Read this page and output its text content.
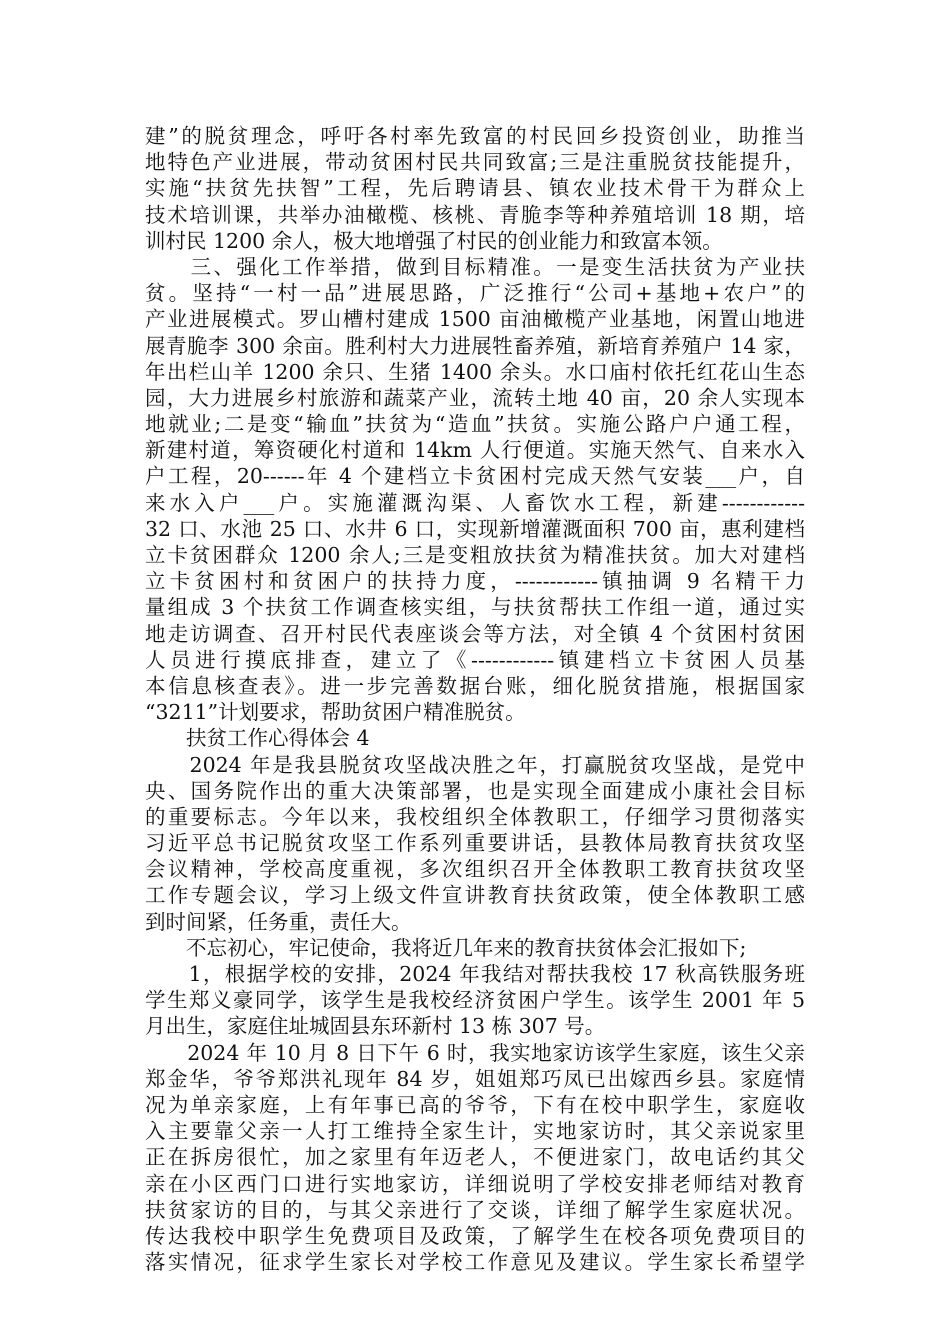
建”的脱贫理念，呼吁各村率先致富的村民回乡投资创业，助推当
地特色产业进展，带动贫困村民共同致富;三是注重脱贫技能提升，
实施“扶贫先扶智”工程，先后聘请县、镇农业技术骨干为群众上
技术培训课，共举办油橄榄、核桃、青脆李等种养殖培训 18 期，培
训村民 1200 余人，极大地增强了村民的创业能力和致富本领。
　　三、强化工作举措，做到目标精准。一是变生活扶贫为产业扶
贫。坚持“一村一品”进展思路，广泛推行“公司+基地+农户”的
产业进展模式。罗山槽村建成 1500 亩油橄榄产业基地，闲置山地进
展青脆李 300 余亩。胜利村大力进展牲畜养殖，新培育养殖户 14 家，
年出栏山羊 1200 余只、生猪 1400 余头。水口庙村依托红花山生态
园，大力进展乡村旅游和蔬菜产业，流转土地 40 亩，20 余人实现本
地就业;二是变“输血”扶贫为“造血”扶贫。实施公路户户通工程，
新建村道，筹资硬化村道和 14km 人行便道。实施天然气、自来水入
户工程，20------年 4 个建档立卡贫困村完成天然气安装___户，自
来水入户___户。实施灌溉沟渠、人畜饮水工程，新建------------
32 口、水池 25 口、水井 6 口，实现新增灌溉面积 700 亩，惠利建档
立卡贫困群众 1200 余人;三是变粗放扶贫为精准扶贫。加大对建档
立卡贫困村和贫困户的扶持力度，------------镇抽调 9 名精干力
量组成 3 个扶贫工作调查核实组，与扶贫帮扶工作组一道，通过实
地走访调查、召开村民代表座谈会等方法，对全镇 4 个贫困村贫困
人员进行摸底排查，建立了《------------镇建档立卡贫困人员基
本信息核查表》。进一步完善数据台账，细化脱贫措施，根据国家
“3211”计划要求，帮助贫困户精准脱贫。
　　扶贫工作心得体会 4
　　2024 年是我县脱贫攻坚战决胜之年，打赢脱贫攻坚战，是党中
央、国务院作出的重大决策部署，也是实现全面建成小康社会目标
的重要标志。今年以来，我校组织全体教职工，仔细学习贯彻落实
习近平总书记脱贫攻坚工作系列重要讲话，县教体局教育扶贫攻坚
会议精神，学校高度重视，多次组织召开全体教职工教育扶贫攻坚
工作专题会议，学习上级文件宣讲教育扶贫政策，使全体教职工感
到时间紧，任务重，责任大。
　　不忘初心，牢记使命，我将近几年来的教育扶贫体会汇报如下;
　　1，根据学校的安排，2024 年我结对帮扶我校 17 秋高铁服务班
学生郑义豪同学，该学生是我校经济贫困户学生。该学生 2001 年 5
月出生，家庭住址城固县东环新村 13 栋 307 号。
　　2024 年 10 月 8 日下午 6 时，我实地家访该学生家庭，该生父亲
郑金华，爷爷郑洪礼现年 84 岁，姐姐郑巧凤已出嫁西乡县。家庭情
况为单亲家庭，上有年事已高的爷爷，下有在校中职学生，家庭收
入主要靠父亲一人打工维持全家生计，实地家访时，其父亲说家里
正在拆房很忙，加之家里有年迈老人，不便进家门，故电话约其父
亲在小区西门口进行实地家访，详细说明了学校安排老师结对教育
扶贫家访的目的，与其父亲进行了交谈，详细了解学生家庭状况。
传达我校中职学生免费项目及政策，了解学生在校各项免费项目的
落实情况，征求学生家长对学校工作意见及建议。学生家长希望学
